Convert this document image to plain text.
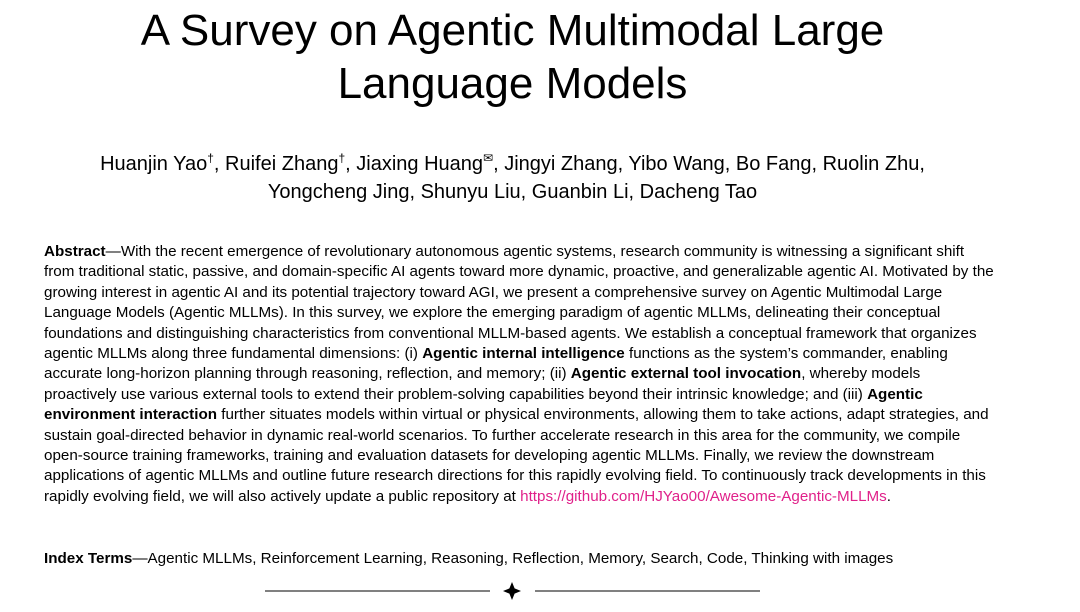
A Survey on Agentic Multimodal Large
Language Models

Huanjin Yao†, Ruifei Zhang†, Jiaxing Huang✉, Jingyi Zhang, Yibo Wang, Bo Fang, Ruolin Zhu,
Yongcheng Jing, Shunyu Liu, Guanbin Li, Dacheng Tao

Abstract—With the recent emergence of revolutionary autonomous agentic systems, research community is witnessing a significant shift from traditional static, passive, and domain-specific AI agents toward more dynamic, proactive, and generalizable agentic AI. Motivated by the growing interest in agentic AI and its potential trajectory toward AGI, we present a comprehensive survey on Agentic Multimodal Large Language Models (Agentic MLLMs). In this survey, we explore the emerging paradigm of agentic MLLMs, delineating their conceptual foundations and distinguishing characteristics from conventional MLLM-based agents. We establish a conceptual framework that organizes agentic MLLMs along three fundamental dimensions: (i) Agentic internal intelligence functions as the system’s commander, enabling accurate long-horizon planning through reasoning, reflection, and memory; (ii) Agentic external tool invocation, whereby models proactively use various external tools to extend their problem-solving capabilities beyond their intrinsic knowledge; and (iii) Agentic environment interaction further situates models within virtual or physical environments, allowing them to take actions, adapt strategies, and sustain goal-directed behavior in dynamic real-world scenarios. To further accelerate research in this area for the community, we compile open-source training frameworks, training and evaluation datasets for developing agentic MLLMs. Finally, we review the downstream applications of agentic MLLMs and outline future research directions for this rapidly evolving field. To continuously track developments in this rapidly evolving field, we will also actively update a public repository at https://github.com/HJYao00/Awesome-Agentic-MLLMs.

Index Terms—Agentic MLLMs, Reinforcement Learning, Reasoning, Reflection, Memory, Search, Code, Thinking with images
